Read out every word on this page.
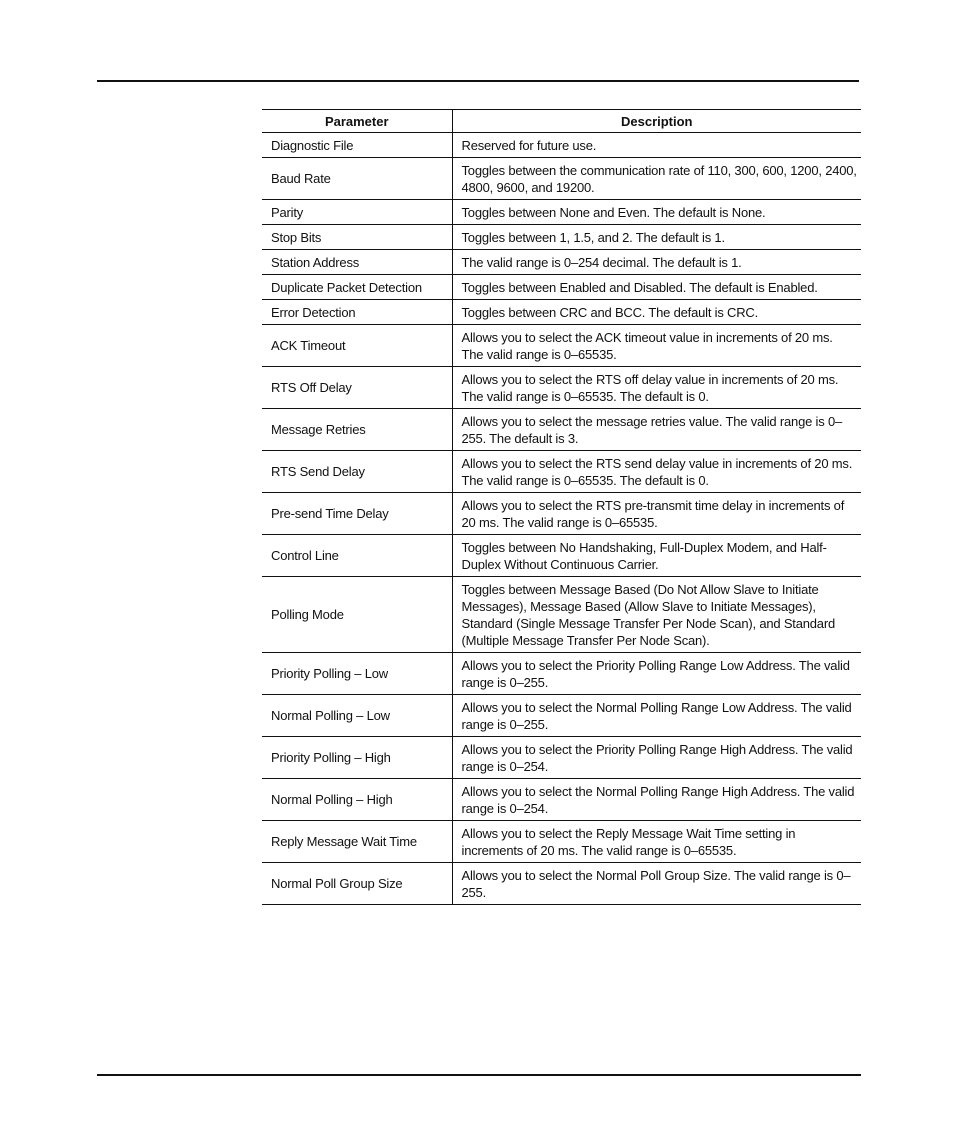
Parameter	Description
Diagnostic File	Reserved for future use.
Baud Rate	Toggles between the communication rate of 110, 300, 600, 1200, 2400, 4800, 9600, and 19200.
Parity	Toggles between None and Even. The default is None.
Stop Bits	Toggles between 1, 1.5, and 2. The default is 1.
Station Address	The valid range is 0–254 decimal. The default is 1.
Duplicate Packet Detection	Toggles between Enabled and Disabled. The default is Enabled.
Error Detection	Toggles between CRC and BCC. The default is CRC.
ACK Timeout	Allows you to select the ACK timeout value in increments of 20 ms. The valid range is 0–65535.
RTS Off Delay	Allows you to select the RTS off delay value in increments of 20 ms. The valid range is 0–65535. The default is 0.
Message Retries	Allows you to select the message retries value. The valid range is 0–255. The default is 3.
RTS Send Delay	Allows you to select the RTS send delay value in increments of 20 ms. The valid range is 0–65535. The default is 0.
Pre-send Time Delay	Allows you to select the RTS pre-transmit time delay in increments of 20 ms. The valid range is 0–65535.
Control Line	Toggles between No Handshaking, Full-Duplex Modem, and Half-Duplex Without Continuous Carrier.
Polling Mode	Toggles between Message Based (Do Not Allow Slave to Initiate Messages), Message Based (Allow Slave to Initiate Messages), Standard (Single Message Transfer Per Node Scan), and Standard (Multiple Message Transfer Per Node Scan).
Priority Polling – Low	Allows you to select the Priority Polling Range Low Address. The valid range is 0–255.
Normal Polling – Low	Allows you to select the Normal Polling Range Low Address. The valid range is 0–255.
Priority Polling – High	Allows you to select the Priority Polling Range High Address. The valid range is 0–254.
Normal Polling – High	Allows you to select the Normal Polling Range High Address. The valid range is 0–254.
Reply Message Wait Time	Allows you to select the Reply Message Wait Time setting in increments of 20 ms. The valid range is 0–65535.
Normal Poll Group Size	Allows you to select the Normal Poll Group Size. The valid range is 0–255.
